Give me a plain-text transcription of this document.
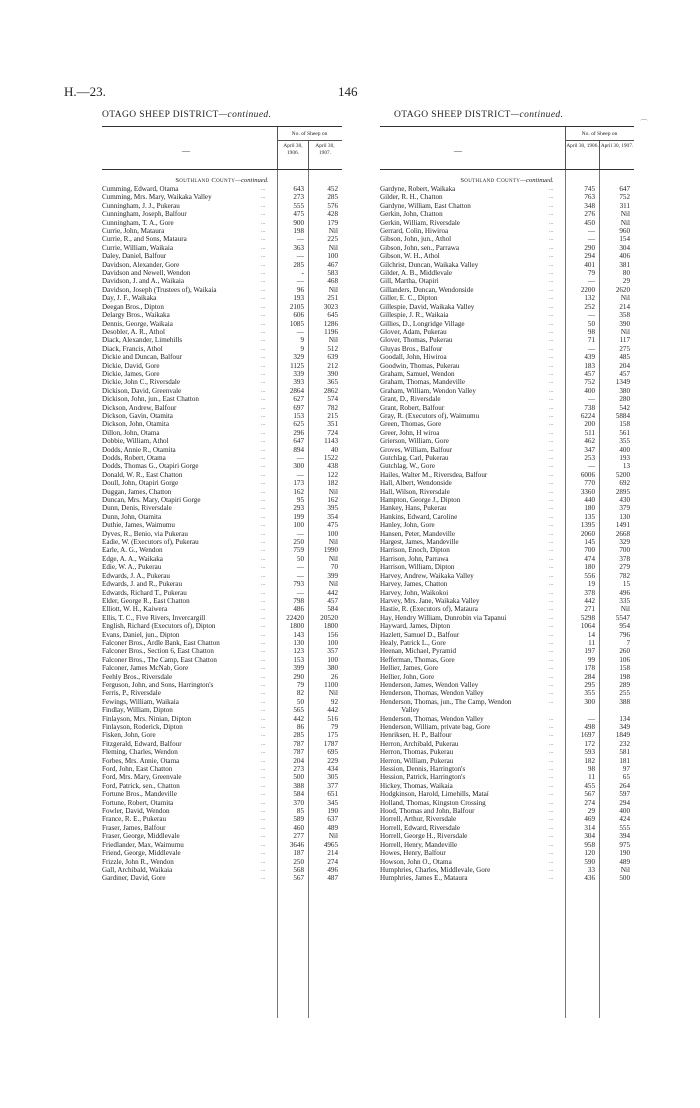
H.—23.	146
OTAGO SHEEP DISTRICT—continued.	OTAGO SHEEP DISTRICT—continued.
—
No. of Sheep on
April 30, 1906.
April 30, 1907.
Southland County—continued.
Cumming, Edward, Otama	...	643	452
Cumming, Mrs. Mary, Waikaka Valley	...	273	285
Cunningham, J. J., Pukerau	...	555	576
Cunningham, Joseph, Balfour	...	475	428
Cunningham, T. A., Gore	...	900	179
Currie, John, Mataura	...	198	Nil
Currie, R., and Sons, Mataura	...	—	225
Currie, William, Waikaia	...	363	Nil
Daley, Daniel, Balfour	...	—	100
Davidson, Alexander, Gore	...	285	467
Davidson and Newell, Wendon	...	-	583
Davidson, J. and A., Waikaia	...	—	468
Davidson, Joseph (Trustees of), Waikaia	...	96	Nil
Day, J. F., Waikaka	...	193	251
Deegan Bros., Dipton	...	2105	3023
Delargy Bros., Waikaka	...	606	645
Dennis, George, Waikaia	...	1085	1286
Desobler, A. R., Athol	...	—	1196
Diack, Alexander, Limehills	...	9	Nil
Diack, Francis, Athol	...	9	512
Dickie and Duncan, Balfour	...	329	639
Dickie, David, Gore	...	1125	212
Dickie, James, Gore	...	339	390
Dickie, John C., Riversdale	...	393	365
Dickison, David, Greenvale	...	2864	2862
Dickison, John, jun., East Chatton	...	627	574
Dickson, Andrew, Balfour	...	697	782
Dickson, Gavin, Otamita	...	153	215
Dickson, John, Otamita	...	625	351
Dillon, John, Otama	...	296	724
Dobbie, William, Athol	...	647	1143
Dodds, Annie R., Otamita	...	894	40
Dodds, Robert, Otama	...	—	1522
Dodds, Thomas G., Otapiri Gorge	...	300	438
Donald, W. R., East Chatton	...	—	122
Doull, John, Otapiri Gorge	...	173	182
Duggan, James, Chatton	...	162	Nil
Duncan, Mrs. Mary, Otapiri Gorge	...	95	162
Dunn, Denis, Riversdale	...	293	395
Dunn, John, Otamita	...	199	354
Duthie, James, Waimumu	...	100	475
Dyves, R., Benio, via Pukerau	...	—	100
Eadie, W. (Executors of), Pukerau	...	250	Nil
Earle, A. G., Wendon	...	759	1990
Edge, A. A., Waikaka	...	50	Nil
Edie, W. A., Pukerau	...	—	70
Edwards, J. A., Pukerau	...	—	399
Edwards, J. and R., Pukerau	...	793	Nil
Edwards, Richard T., Pukerau	...	—	442
Elder, George R., East Chatton	...	798	457
Elliott, W. H., Kaiwera	...	486	584
Ellis, T. C., Five Rivers, Invercargill	...	22420	20520
English, Richard (Executors of), Dipton	...	1800	1800
Evans, Daniel, jun., Dipton	...	143	156
Falconer Bros., Ardle Bank, East Chatton	...	130	100
Falconer Bros., Section 6, East Chatton	...	123	357
Falconer Bros., The Camp, East Chatton	...	153	100
Falconer, James McNab, Gore	...	399	380
Feehly Bros., Riversdale	...	290	26
Ferguson, John, and Sons, Harrington's	...	79	1100
Ferris, P., Riversdale	...	82	Nil
Fewings, William, Waikaia	...	50	92
Findlay, William, Dipton	...	565	442
Finlayson, Mrs. Ninian, Dipton	...	442	516
Finlayson, Roderick, Dipton	...	86	79
Fisken, John, Gore	...	285	175
Fitzgerald, Edward, Balfour	...	787	1787
Fleming, Charles, Wendon	...	787	695
Forbes, Mrs. Annie, Otama	...	204	229
Ford, John, East Chatton	...	273	434
Ford, Mrs. Mary, Greenvale	...	500	305
Ford, Patrick, sen., Chatton	...	388	377
Fortune Bros., Mandeville	...	584	651
Fortune, Robert, Otamita	...	370	345
Fowler, David, Wendon	...	85	190
France, R. E., Pukerau	...	589	637
Fraser, James, Balfour	...	460	489
Fraser, George, Middlevale	...	277	Nil
Friedlander, Max, Waimumu	...	3646	4965
Friend, George, Middlevale	...	187	214
Frizzle, John R., Wendon	...	250	274
Gall, Archibald, Waikaia	...	568	496
Gardiner, David, Gore	...	567	487
—
No. of Sheep on
April 30, 1906. April 30, 1907.
Southland County—continued.
Gardyne, Robert, Waikaka	...	745	647
Gilder, R. H., Chatton	...	763	752
Gardyne, William, East Chatton	...	348	311
Gerkin, John, Chatton	...	276	Nil
Gerkin, William, Riversdale	...	450	Nil
Gerrard, Colin, Hiwiroa	...	—	960
Gibson, John, jun., Athol	...	—	154
Gibson, John, sen., Parrawa	...	290	304
Gibson, W. H., Athol	...	294	406
Gilchrist, Duncan, Waikaka Valley	...	401	381
Gilder, A. B., Middlevale	...	79	80
Gill, Martha, Otapiri	...	—	29
Gillanders, Duncan, Wendonside	...	2200	2620
Giller, E. C., Dipton	...	132	Nil
Gillespie, David, Waikaka Valley	...	252	214
Gillespie, J. R., Waikaia	...	—	358
Gillies, D., Longridge Village	...	50	390
Glover, Adam, Pukerau	...	98	Nil
Glover, Thomas, Pukerau	...	71	117
Gluyas Bros., Balfour	...	—	275
Goodall, John, Hiwiroa	...	439	485
Goodwin, Thomas, Pukerau	...	183	204
Graham, Samuel, Wendon	...	457	457
Graham, Thomas, Mandeville	...	752	1349
Graham, William, Wendon Valley	...	400	380
Grant, D., Riversdale	...	—	280
Grant, Robert, Balfour	...	738	542
Gray, R. (Executors of), Waimumu	...	6224	5884
Green, Thomas, Gore	...	200	158
Greer, John, H wiroa	...	511	561
Grierson, William, Gore	...	462	355
Groves, William, Balfour	...	347	400
Gutchlag, Carl, Pukerau	...	253	193
Gutchlag, W., Gore	...	—	13
Hailes, Walter M., Riversdea, Balfour	...	6006	5200
Hall, Albert, Wendonside	...	770	692
Hall, Wilson, Riversdale	...	3360	2895
Hampton, George J., Dipton	...	440	430
Hankey, Hans, Pukerau	...	180	379
Hankins, Edward, Caroline	...	135	130
Hanley, John, Gore	...	1395	1491
Hansen, Peter, Mandeville	...	2060	2668
Hargest, James, Mandeville	...	145	329
Harrison, Enoch, Dipton	...	700	700
Harrison, John, Parrawa	...	474	378
Harrison, William, Dipton	...	180	279
Harvey, Andrew, Waikaka Valley	...	556	782
Harvey, James, Chatton	...	19	15
Harvey, John, Waikokoi	...	378	496
Harvey, Mrs. Jane, Waikaka Valley	...	442	335
Hastie, R. (Executors of), Mataura	...	271	Nil
Hay, Hendry William, Dunrobin via Tapanui	...	5298	5547
Hayward, James, Dipton	...	1064	954
Hazlett, Samuel D., Balfour	...	14	796
Healy, Patrick L., Gore	...	11	7
Heenan, Michael, Pyramid	...	197	260
Hefferman, Thomas, Gore	...	99	106
Hellier, James, Gore	...	178	158
Hellier, John, Gore	...	284	198
Henderson, James, Wendon Valley	...	295	289
Henderson, Thomas, Wendon Valley	...	355	255
Henderson, Thomas, jun., The Camp, Wendon	...	300	388
Valley
Henderson, Thomas, Wendon Valley	...	—	134
Henderson, William, private bag, Gore	...	498	349
Henriksen, H. P., Balfour	...	1697	1849
Herron, Archibald, Pukerau	...	172	232
Herron, Thomas, Pukerau	...	593	581
Herron, William, Pukerau	...	182	181
Hession, Dennis, Harrington's	...	98	97
Hession, Patrick, Harrington's	...	11	65
Hickey, Thomas, Waikaia	...	455	264
Hodgkinson, Harold, Limehills, Mataí	...	567	597
Holland, Thomas, Kingston Crossing	...	274	294
Hood, Thomas and John, Balfour	...	29	400
Horrell, Arthur, Riversdale	...	469	424
Horrell, Edward, Riversdale	...	314	555
Horrell, George H., Riversdale	...	304	394
Horrell, Henry, Mandeville	...	958	975
Howes, Henry, Balfour	...	120	190
Howson, John O., Otama	...	590	489
Humphries, Charles, Middlevale, Gore	...	33	Nil
Humphries, James E., Mataura	...	436	500
⌒
